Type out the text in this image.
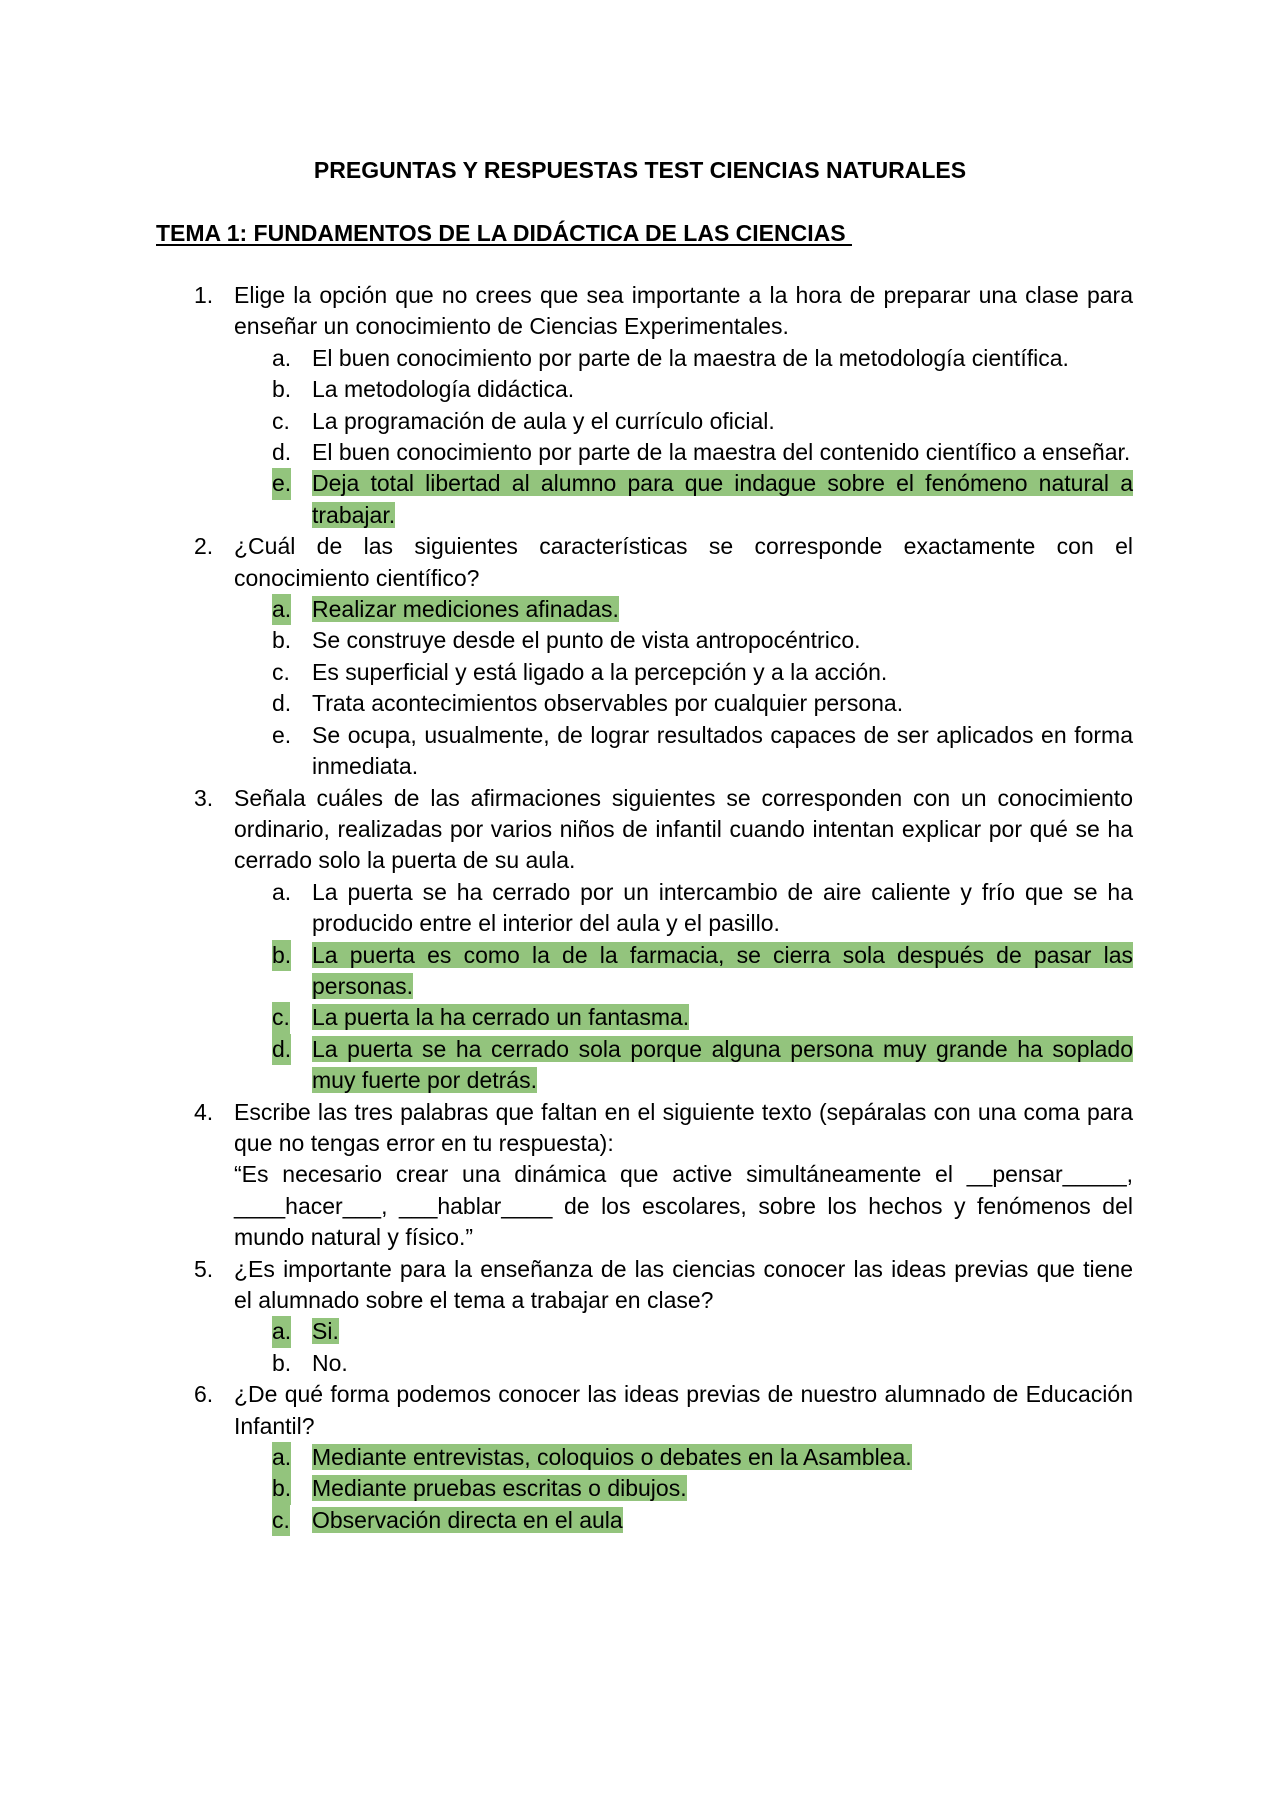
PREGUNTAS Y RESPUESTAS TEST CIENCIAS NATURALES
TEMA 1: FUNDAMENTOS DE LA DIDÁCTICA DE LAS CIENCIAS
1. Elige la opción que no crees que sea importante a la hora de preparar una clase para enseñar un conocimiento de Ciencias Experimentales.
a. El buen conocimiento por parte de la maestra de la metodología científica.
b. La metodología didáctica.
c. La programación de aula y el currículo oficial.
d. El buen conocimiento por parte de la maestra del contenido científico a enseñar.
e. Deja total libertad al alumno para que indague sobre el fenómeno natural a trabajar.
2. ¿Cuál de las siguientes características se corresponde exactamente con el conocimiento científico?
a. Realizar mediciones afinadas.
b. Se construye desde el punto de vista antropocéntrico.
c. Es superficial y está ligado a la percepción y a la acción.
d. Trata acontecimientos observables por cualquier persona.
e. Se ocupa, usualmente, de lograr resultados capaces de ser aplicados en forma inmediata.
3. Señala cuáles de las afirmaciones siguientes se corresponden con un conocimiento ordinario, realizadas por varios niños de infantil cuando intentan explicar por qué se ha cerrado solo la puerta de su aula.
a. La puerta se ha cerrado por un intercambio de aire caliente y frío que se ha producido entre el interior del aula y el pasillo.
b. La puerta es como la de la farmacia, se cierra sola después de pasar las personas.
c. La puerta la ha cerrado un fantasma.
d. La puerta se ha cerrado sola porque alguna persona muy grande ha soplado muy fuerte por detrás.
4. Escribe las tres palabras que faltan en el siguiente texto (sepáralas con una coma para que no tengas error en tu respuesta):
“Es necesario crear una dinámica que active simultáneamente el __pensar_____, ____hacer___, ___hablar____ de los escolares, sobre los hechos y fenómenos del mundo natural y físico.”
5. ¿Es importante para la enseñanza de las ciencias conocer las ideas previas que tiene el alumnado sobre el tema a trabajar en clase?
a. Si.
b. No.
6. ¿De qué forma podemos conocer las ideas previas de nuestro alumnado de Educación Infantil?
a. Mediante entrevistas, coloquios o debates en la Asamblea.
b. Mediante pruebas escritas o dibujos.
c. Observación directa en el aula
